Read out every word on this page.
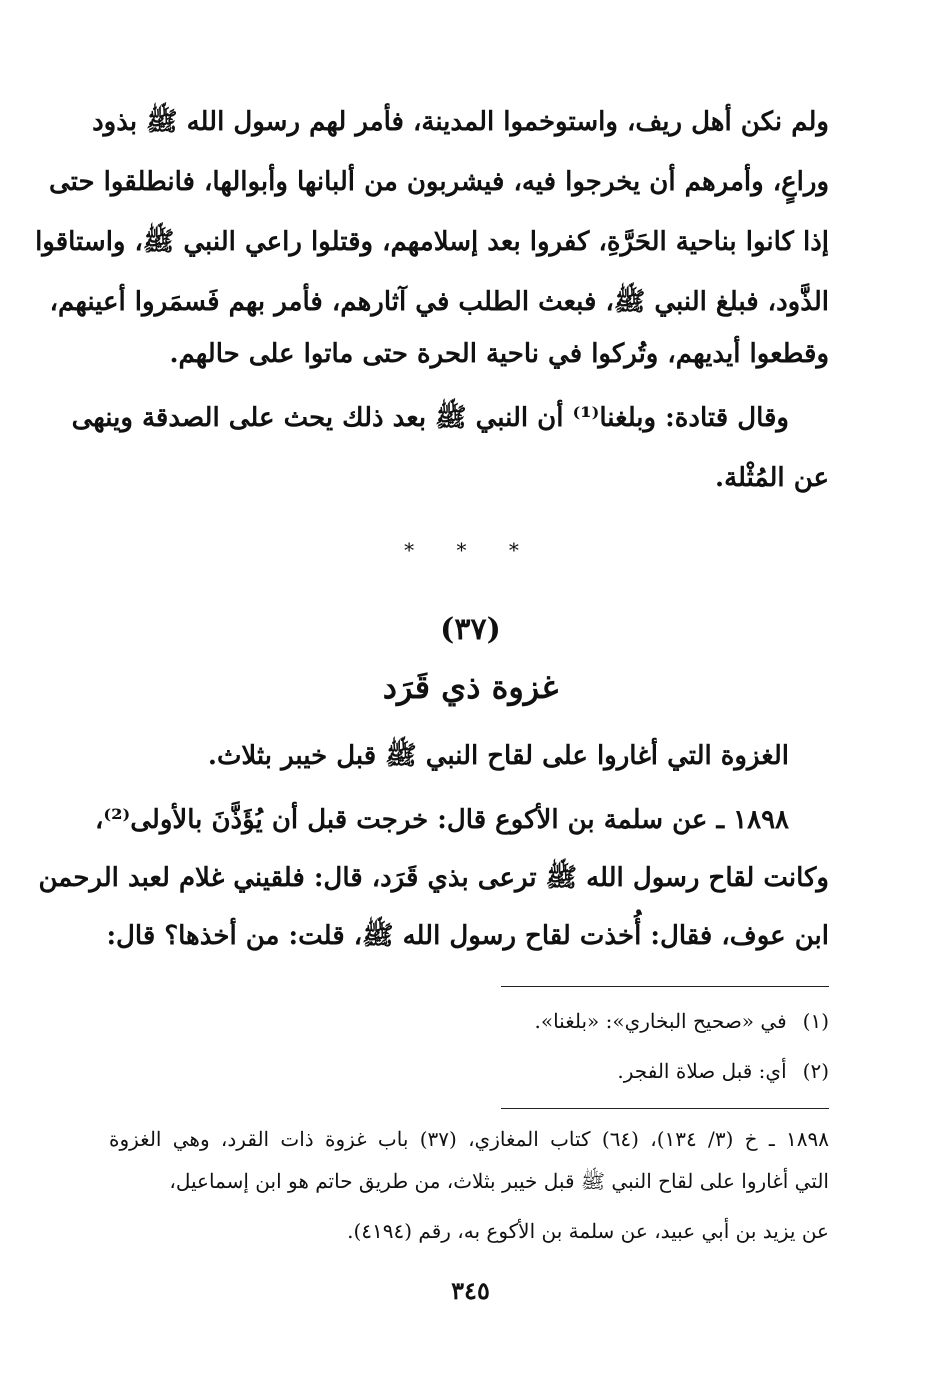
ولم نكن أهل ريف، واستوخموا المدينة، فأمر لهم رسول الله ﷺ بذود
وراعٍ، وأمرهم أن يخرجوا فيه، فيشربون من ألبانها وأبوالها، فانطلقوا حتى
إذا كانوا بناحية الحَرَّةِ، كفروا بعد إسلامهم، وقتلوا راعي النبي ﷺ، واستاقوا
الذَّود، فبلغ النبي ﷺ، فبعث الطلب في آثارهم، فأمر بهم فَسمَروا أعينهم،
وقطعوا أيديهم، وتُركوا في ناحية الحرة حتى ماتوا على حالهم.
وقال قتادة: وبلغنا⁽¹⁾ أن النبي ﷺ بعد ذلك يحث على الصدقة وينهى
عن المُثْلة.
* * *
(٣٧)
غزوة ذي قَرَد
الغزوة التي أغاروا على لقاح النبي ﷺ قبل خيبر بثلاث.
١٨٩٨ ـ عن سلمة بن الأكوع قال: خرجت قبل أن يُؤَذَّنَ بالأولى⁽²⁾،
وكانت لقاح رسول الله ﷺ ترعى بذي قَرَد، قال: فلقيني غلام لعبد الرحمن
ابن عوف، فقال: أُخذت لقاح رسول الله ﷺ، قلت: من أخذها؟ قال:
(١) في «صحيح البخاري»: «بلغنا».
(٢) أي: قبل صلاة الفجر.
١٨٩٨ ـ خ (٣/ ١٣٤)، (٦٤) كتاب المغازي، (٣٧) باب غزوة ذات القرد، وهي الغزوة
التي أغاروا على لقاح النبي ﷺ قبل خيبر بثلاث، من طريق حاتم هو ابن إسماعيل،
عن يزيد بن أبي عبيد، عن سلمة بن الأكوع به، رقم (٤١٩٤).
٣٤٥
